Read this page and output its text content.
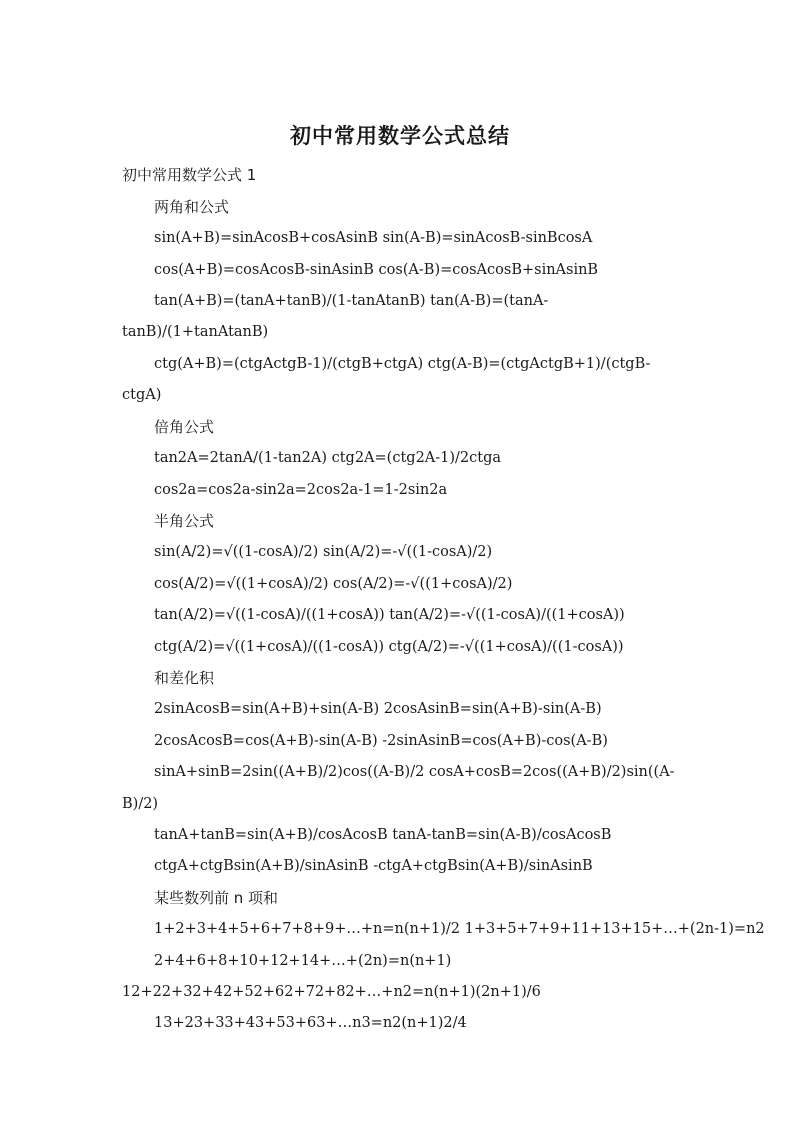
初中常用数学公式总结
初中常用数学公式 1
两角和公式
sin(A+B)=sinAcosB+cosAsinB sin(A-B)=sinAcosB-sinBcosA
cos(A+B)=cosAcosB-sinAsinB cos(A-B)=cosAcosB+sinAsinB
tan(A+B)=(tanA+tanB)/(1-tanAtanB) tan(A-B)=(tanA-
tanB)/(1+tanAtanB)
ctg(A+B)=(ctgActgB-1)/(ctgB+ctgA) ctg(A-B)=(ctgActgB+1)/(ctgB-
ctgA)
倍角公式
tan2A=2tanA/(1-tan2A) ctg2A=(ctg2A-1)/2ctga
cos2a=cos2a-sin2a=2cos2a-1=1-2sin2a
半角公式
sin(A/2)=√((1-cosA)/2) sin(A/2)=-√((1-cosA)/2)
cos(A/2)=√((1+cosA)/2) cos(A/2)=-√((1+cosA)/2)
tan(A/2)=√((1-cosA)/((1+cosA)) tan(A/2)=-√((1-cosA)/((1+cosA))
ctg(A/2)=√((1+cosA)/((1-cosA)) ctg(A/2)=-√((1+cosA)/((1-cosA))
和差化积
2sinAcosB=sin(A+B)+sin(A-B) 2cosAsinB=sin(A+B)-sin(A-B)
2cosAcosB=cos(A+B)-sin(A-B) -2sinAsinB=cos(A+B)-cos(A-B)
sinA+sinB=2sin((A+B)/2)cos((A-B)/2 cosA+cosB=2cos((A+B)/2)sin((A-
B)/2)
tanA+tanB=sin(A+B)/cosAcosB tanA-tanB=sin(A-B)/cosAcosB
ctgA+ctgBsin(A+B)/sinAsinB -ctgA+ctgBsin(A+B)/sinAsinB
某些数列前 n 项和
1+2+3+4+5+6+7+8+9+…+n=n(n+1)/2 1+3+5+7+9+11+13+15+…+(2n-1)=n2
2+4+6+8+10+12+14+…+(2n)=n(n+1)
12+22+32+42+52+62+72+82+…+n2=n(n+1)(2n+1)/6
13+23+33+43+53+63+…n3=n2(n+1)2/4
